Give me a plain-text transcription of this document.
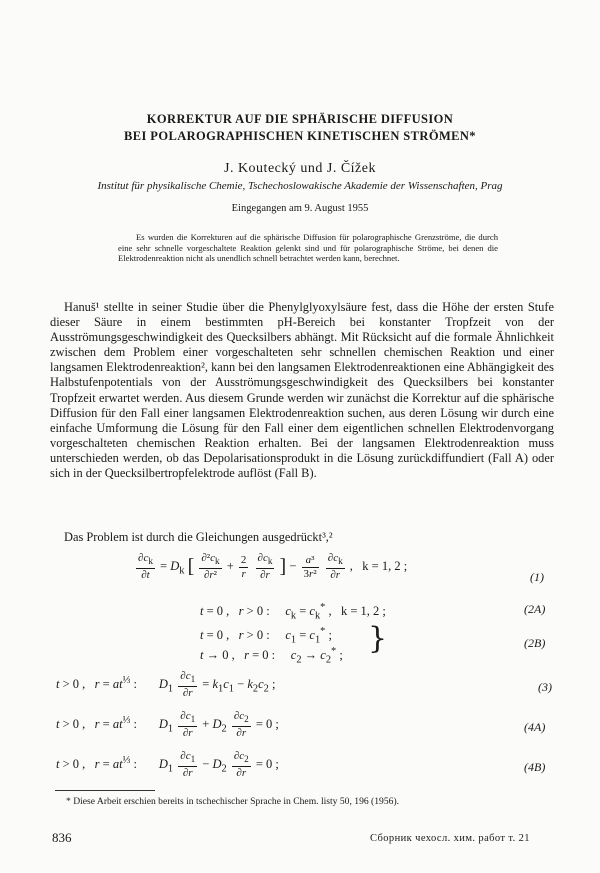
KORREKTUR AUF DIE SPHÄRISCHE DIFFUSION
BEI POLAROGRAPHISCHEN KINETISCHEN STRÖMEN*
J. Koutecký und J. Čížek
Institut für physikalische Chemie, Tschechoslowakische Akademie der Wissenschaften, Prag
Eingegangen am 9. August 1955
Es wurden die Korrekturen auf die sphärische Diffusion für polarographische Grenzströme, die durch eine sehr schnelle vorgeschaltete Reaktion gelenkt sind und für polarographische Ströme, bei denen die Elektrodenreaktion nicht als unendlich schnell betrachtet werden kann, berechnet.
Hanuš¹ stellte in seiner Studie über die Phenylglyoxylsäure fest, dass die Höhe der ersten Stufe dieser Säure in einem bestimmten pH-Bereich bei konstanter Tropfzeit von der Ausströmungsgeschwindigkeit des Quecksilbers abhängt. Mit Rücksicht auf die formale Ähnlichkeit zwischen dem Problem einer vorgeschalteten sehr schnellen chemischen Reaktion und einer langsamen Elektrodenreaktion², kann bei den langsamen Elektrodenreaktionen eine Abhängigkeit des Halbstufenpotentials von der Ausströmungsgeschwindigkeit des Quecksilbers bei konstanter Tropfzeit erwartet werden. Aus diesem Grunde werden wir zunächst die Korrektur auf die sphärische Diffusion für den Fall einer langsamen Elektrodenreaktion suchen, aus deren Lösung wir durch eine einfache Umformung die Lösung für den Fall einer dem eigentlichen schnellen Elektrodenvorgang vorgeschalteten chemischen Reaktion erhalten. Bei der langsamen Elektrodenreaktion muss unterschieden werden, ob das Depolarisationsprodukt in die Lösung zurückdiffundiert (Fall A) oder sich in der Quecksilbertropfelektrode auflöst (Fall B).
Das Problem ist durch die Gleichungen ausgedrückt³,²
$\frac{\partial c_k}{\partial t} = D_k$ [ $\frac{\partial^2c_k}{\text{∂r²}} + \frac{2}{r}$
$\frac{\partial c_k}{\partial r}$ ] − $\frac{\text{a³}}{\text{3r²}}$
$\frac{\partial c_k}{\partial r}$ ,   k = 1, 2 ;
(1)
t = 0 ,   r > 0 :     $c_k = c_k^*$ ,   k = 1, 2 ;	(2A)
t = 0 ,   r > 0 :     $c_1 = c_1^*$ ;
t → 0 ,   r = 0 :     $c_2 \to c_2^*$ ; }	(2B)
t > 0 ,   $r = at^{\frac{1}{3}}$ :       $D_1 \frac{\partial c_1}{\partial r} = k_1c_1 - k_2c_2$ ;	(3)
t > 0 ,   $r = at^{\frac{1}{3}}$ :       $D_1 \frac{\partial c_1}{\partial r} + D_2 \frac{\partial c_2}{\partial r} = 0$ ;	(4A)
t > 0 ,   $r = at^{\frac{1}{3}}$ :       $D_1 \frac{\partial c_1}{\partial r} - D_2 \frac{\partial c_2}{\partial r} = 0$ ;	(4B)
* Diese Arbeit erschien bereits in tschechischer Sprache in Chem. listy 50, 196 (1956).
836	Сборник чехосл. хим. работ т. 21
